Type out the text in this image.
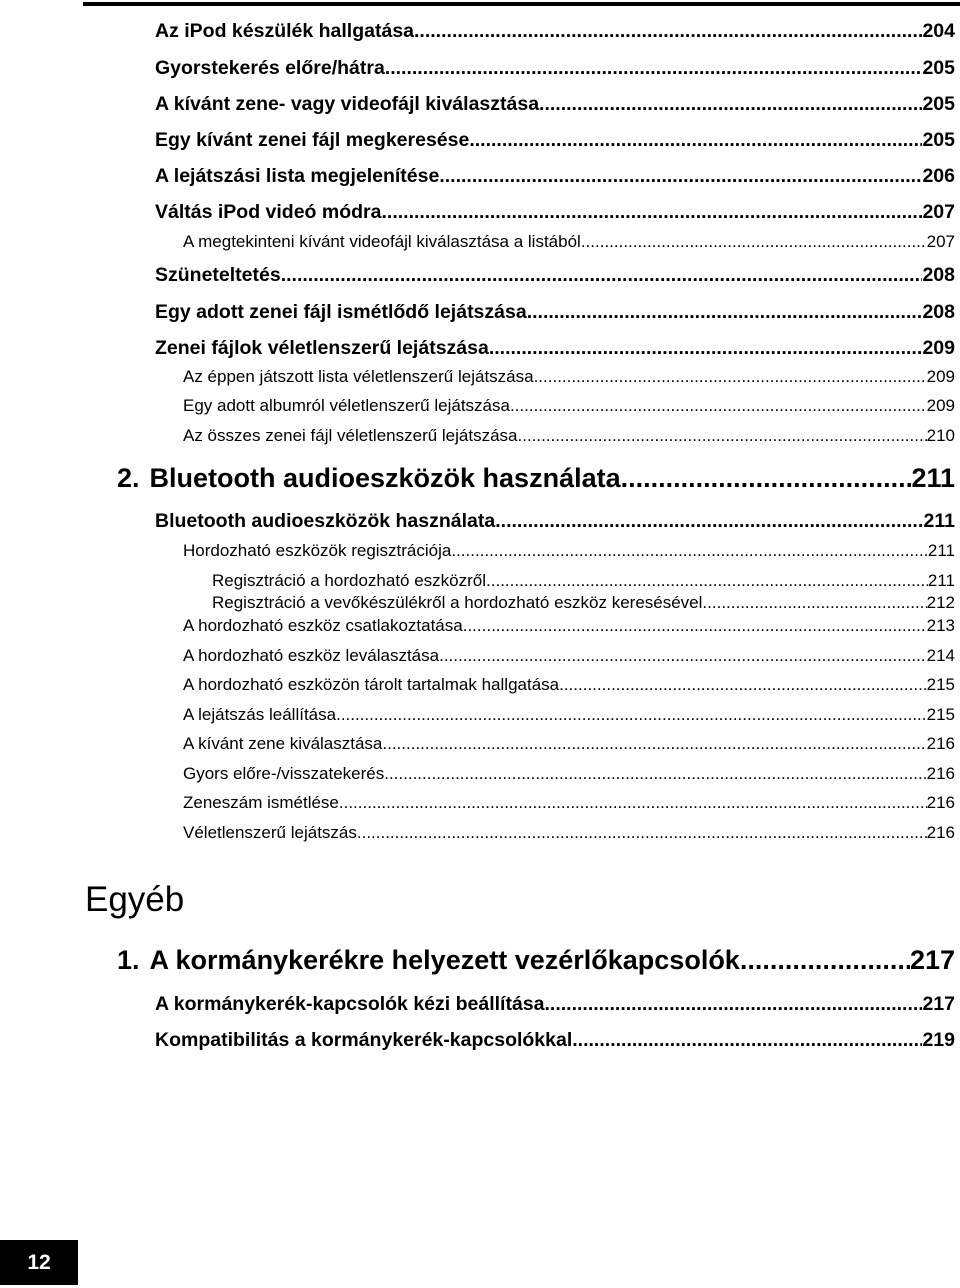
Az iPod készülék hallgatása .....	204
Gyorstekerés előre/hátra .....	205
A kívánt zene- vagy videofájl kiválasztása .....	205
Egy kívánt zenei fájl megkeresése .....	205
A lejátszási lista megjelenítése .....	206
Váltás iPod videó módra .....	207
A megtekinteni kívánt videofájl kiválasztása a listából .....	207
Szüneteltetés .....	208
Egy adott zenei fájl ismétlődő lejátszása .....	208
Zenei fájlok véletlenszerű lejátszása .....	209
Az éppen játszott lista véletlenszerű lejátszása .....	209
Egy adott albumról véletlenszerű lejátszása .....	209
Az összes zenei fájl véletlenszerű lejátszása .....	210
2. Bluetooth audioeszközök használata .....	211
Bluetooth audioeszközök használata .....	211
Hordozható eszközök regisztrációja .....	211
Regisztráció a hordozható eszközről .....	211
Regisztráció a vevőkészülékről a hordozható eszköz keresésével .....	212
A hordozható eszköz csatlakoztatása .....	213
A hordozható eszköz leválasztása .....	214
A hordozható eszközön tárolt tartalmak hallgatása .....	215
A lejátszás leállítása .....	215
A kívánt zene kiválasztása .....	216
Gyors előre-/visszatekerés .....	216
Zeneszám ismétlése .....	216
Véletlenszerű lejátszás .....	216
Egyéb
1. A kormánykerékre helyezett vezérlőkapcsolók .....	217
A kormánykerék-kapcsolók kézi beállítása .....	217
Kompatibilitás a kormánykerék-kapcsolókkal .....	219
12
